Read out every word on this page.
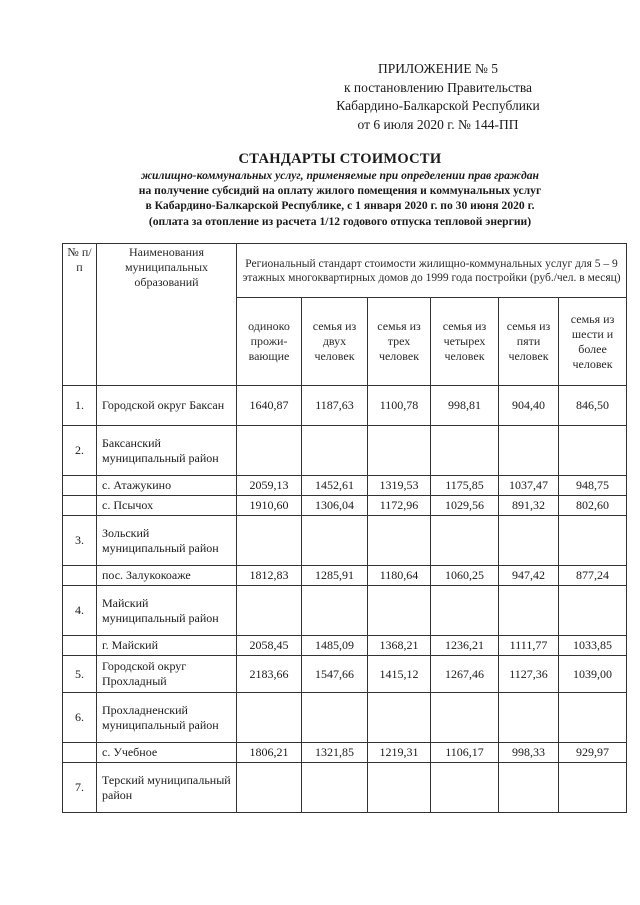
ПРИЛОЖЕНИЕ № 5
к постановлению Правительства
Кабардино-Балкарской Республики
от 6 июля 2020 г. № 144-ПП
СТАНДАРТЫ СТОИМОСТИ
жилищно-коммунальных услуг, применяемые при определении прав граждан
на получение субсидий на оплату жилого помещения и коммунальных услуг
в Кабардино-Балкарской Республике, с 1 января 2020 г. по 30 июня 2020 г.
(оплата за отопление из расчета 1/12 годового отпуска тепловой энергии)
№ п/п	Наименования муниципальных образований	Региональный стандарт стоимости жилищно-коммунальных услуг для 5 – 9 этажных многоквартирных домов до 1999 года постройки (руб./чел. в месяц)					
		одиноко прожи-вающие	семья из двух человек	семья из трех человек	семья из четырех человек	семья из пяти человек	семья из шести и более человек
1.	Городской округ Баксан	1640,87	1187,63	1100,78	998,81	904,40	846,50
2.	Баксанский муниципальный район						
	с. Атажукино	2059,13	1452,61	1319,53	1175,85	1037,47	948,75
	с. Псычох	1910,60	1306,04	1172,96	1029,56	891,32	802,60
3.	Зольский муниципальный район						
	пос. Залукокоаже	1812,83	1285,91	1180,64	1060,25	947,42	877,24
4.	Майский муниципальный район						
	г. Майский	2058,45	1485,09	1368,21	1236,21	1111,77	1033,85
5.	Городской округ Прохладный	2183,66	1547,66	1415,12	1267,46	1127,36	1039,00
6.	Прохладненский муниципальный район						
	с. Учебное	1806,21	1321,85	1219,31	1106,17	998,33	929,97
7.	Терский муниципальный район						
